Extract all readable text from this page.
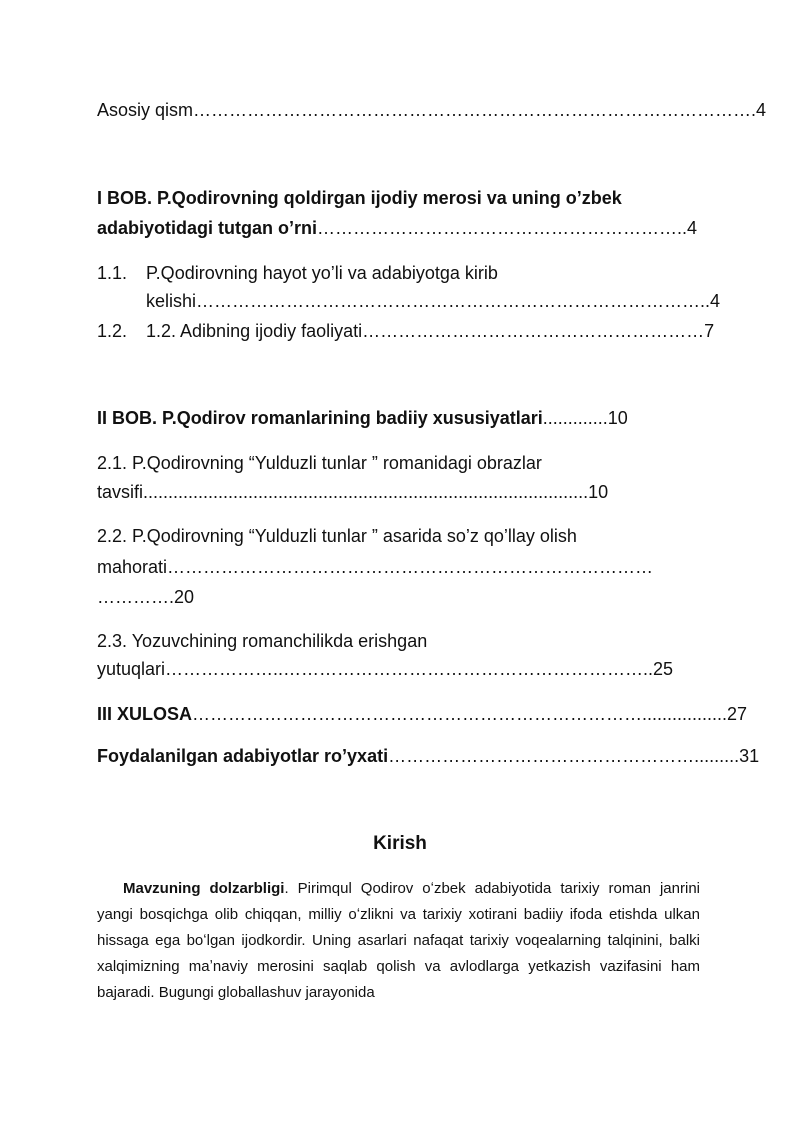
Asosiy qism………………………………………………………………………………….4

I BOB. P.Qodirovning qoldirgan ijodiy merosi va uning o’zbek

adabiyotidagi tutgan o’rni……………………………………………………..4

1.1. P.Qodirovning hayot yo’li va adabiyotga kirib

kelishi…………………………………………………………………………..4

1.2. 1.2. Adibning ijodiy faoliyati…………………………………………………7

II BOB. P.Qodirov romanlarining badiiy xususiyatlari.............10

2.1. P.Qodirovning “Yulduzli tunlar ” romanidagi obrazlar

tavsifi.........................................................................................10

2.2. P.Qodirovning “Yulduzli tunlar ” asarida so’z qo’llay olish

mahorati………………………………………………………………………

………….20

2.3. Yozuvchining romanchilikda erishgan

yutuqlari………………..……………………………………………………..25

III XULOSA………………………………………………………………….................27

Foydalanilgan adabiyotlar ro’yxati…………………………………………….........31

Kirish

Mavzuning dolzarbligi. Pirimqul Qodirov oʻzbek adabiyotida tarixiy roman janrini yangi bosqichga olib chiqqan, milliy oʻzlikni va tarixiy xotirani badiiy ifoda etishda ulkan hissaga ega boʻlgan ijodkordir. Uning asarlari nafaqat tarixiy voqealarning talqinini, balki xalqimizning maʼnaviy merosini saqlab qolish va avlodlarga yetkazish vazifasini ham bajaradi. Bugungi globallashuv jarayonida
